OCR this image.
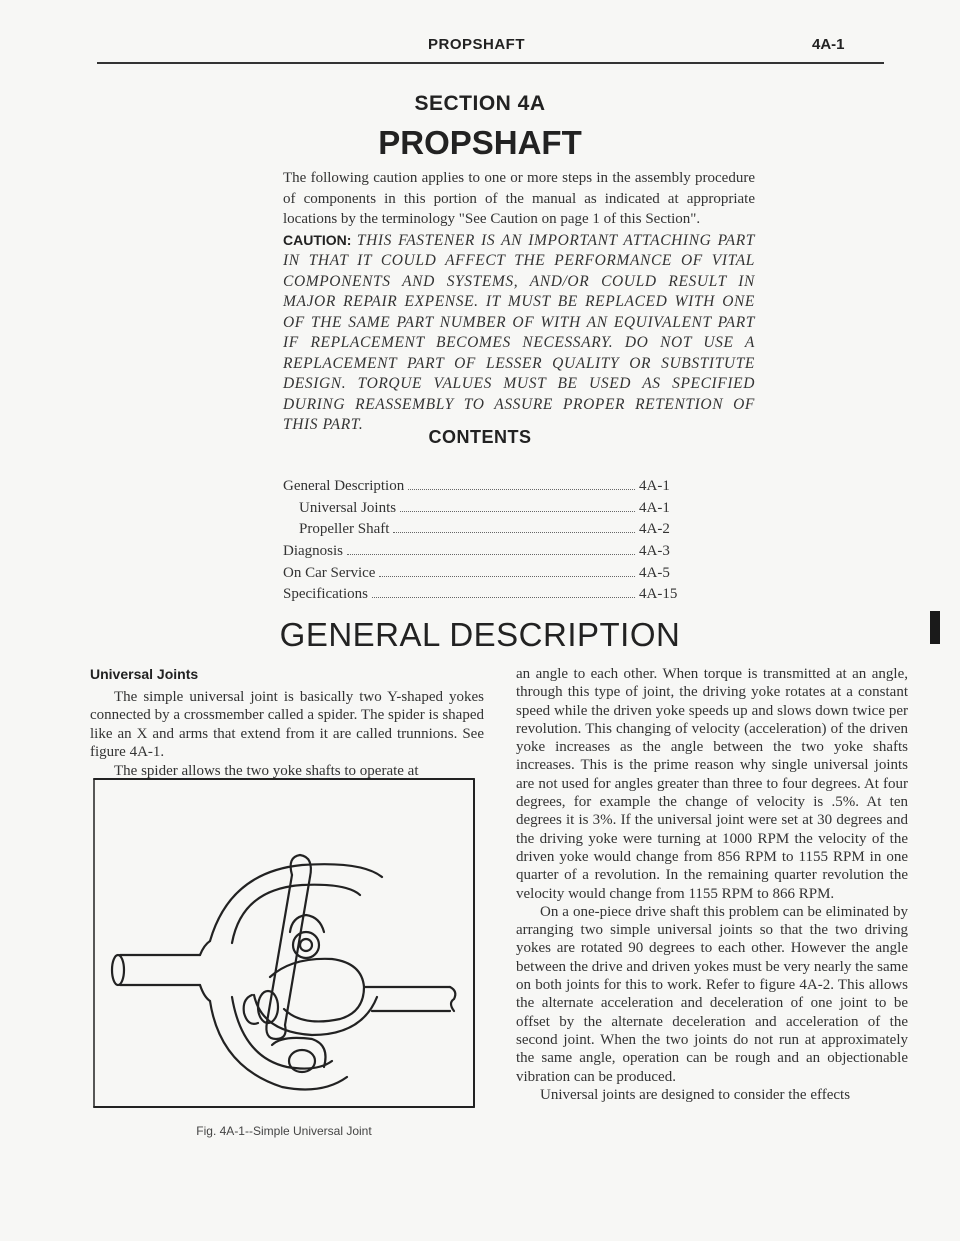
PROPSHAFT	4A-1
SECTION 4A
PROPSHAFT

The following caution applies to one or more steps in the assembly procedure of components in this portion of the manual as indicated at appropriate locations by the terminology "See Caution on page 1 of this Section".

CAUTION: THIS FASTENER IS AN IMPORTANT ATTACHING PART IN THAT IT COULD AFFECT THE PERFORMANCE OF VITAL COMPONENTS AND SYSTEMS, AND/OR COULD RESULT IN MAJOR REPAIR EXPENSE. IT MUST BE REPLACED WITH ONE OF THE SAME PART NUMBER OF WITH AN EQUIVALENT PART IF REPLACEMENT BECOMES NECESSARY. DO NOT USE A REPLACEMENT PART OF LESSER QUALITY OR SUBSTITUTE DESIGN. TORQUE VALUES MUST BE USED AS SPECIFIED DURING REASSEMBLY TO ASSURE PROPER RETENTION OF THIS PART.

CONTENTS
General Description	4A-1
Universal Joints	4A-1
Propeller Shaft	4A-2
Diagnosis	4A-3
On Car Service	4A-5
Specifications	4A-15
GENERAL DESCRIPTION

Universal Joints

The simple universal joint is basically two Y-shaped yokes connected by a crossmember called a spider. The spider is shaped like an X and arms that extend from it are called trunnions. See figure 4A-1.

The spider allows the two yoke shafts to operate at

Fig. 4A-1--Simple Universal Joint

an angle to each other. When torque is transmitted at an angle, through this type of joint, the driving yoke rotates at a constant speed while the driven yoke speeds up and slows down twice per revolution. This changing of velocity (acceleration) of the driven yoke increases as the angle between the two yoke shafts increases. This is the prime reason why single universal joints are not used for angles greater than three to four degrees. At four degrees, for example the change of velocity is .5%. At ten degrees it is 3%. If the universal joint were set at 30 degrees and the driving yoke were turning at 1000 RPM the velocity of the driven yoke would change from 856 RPM to 1155 RPM in one quarter of a revolution. In the remaining quarter revolution the velocity would change from 1155 RPM to 866 RPM.

On a one-piece drive shaft this problem can be eliminated by arranging two simple universal joints so that the two driving yokes are rotated 90 degrees to each other. However the angle between the drive and driven yokes must be very nearly the same on both joints for this to work. Refer to figure 4A-2. This allows the alternate acceleration and deceleration of one joint to be offset by the alternate deceleration and acceleration of the second joint. When the two joints do not run at approximately the same angle, operation can be rough and an objectionable vibration can be produced.

Universal joints are designed to consider the effects
